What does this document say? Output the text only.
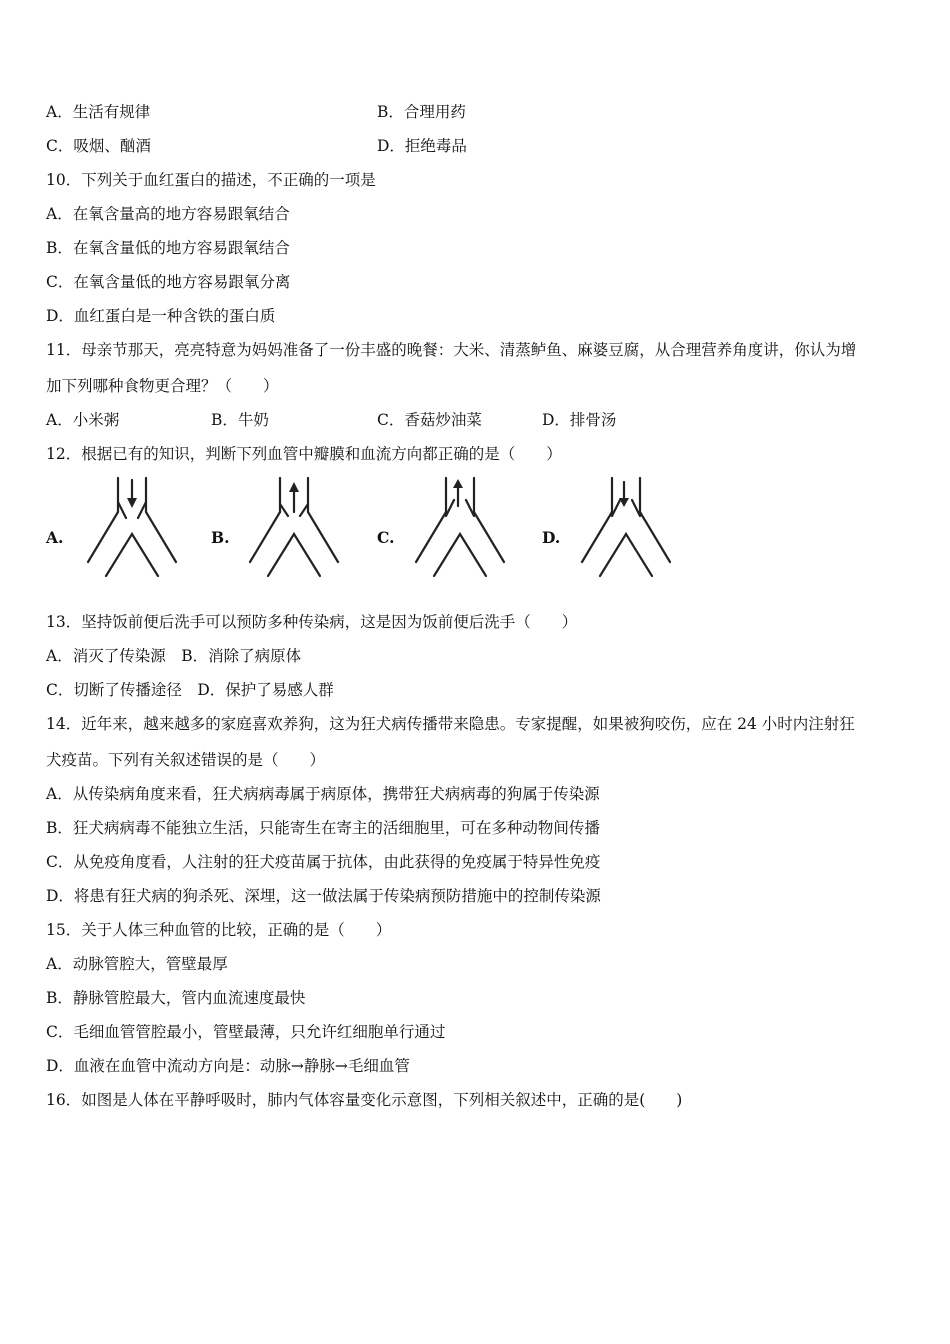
A．生活有规律	B．合理用药
C．吸烟、酗酒	D．拒绝毒品
10．下列关于血红蛋白的描述，不正确的一项是
A．在氧含量高的地方容易跟氧结合
B．在氧含量低的地方容易跟氧结合
C．在氧含量低的地方容易跟氧分离
D．血红蛋白是一种含铁的蛋白质
11．母亲节那天，亮亮特意为妈妈准备了一份丰盛的晚餐：大米、清蒸鲈鱼、麻婆豆腐，从合理营养角度讲，你认为增
加下列哪种食物更合理？（　　）
A．小米粥	B．牛奶	C．香菇炒油菜	D．排骨汤
12．根据已有的知识，判断下列血管中瓣膜和血流方向都正确的是（　　）
A.	B.	C.	D.
13．坚持饭前便后洗手可以预防多种传染病，这是因为饭前便后洗手（　　）
A．消灭了传染源　B．消除了病原体
C．切断了传播途径　D．保护了易感人群
14．近年来，越来越多的家庭喜欢养狗，这为狂犬病传播带来隐患。专家提醒，如果被狗咬伤，应在 24 小时内注射狂
犬疫苗。下列有关叙述错误的是（　　）
A．从传染病角度来看，狂犬病病毒属于病原体，携带狂犬病病毒的狗属于传染源
B．狂犬病病毒不能独立生活，只能寄生在寄主的活细胞里，可在多种动物间传播
C．从免疫角度看，人注射的狂犬疫苗属于抗体，由此获得的免疫属于特异性免疫
D．将患有狂犬病的狗杀死、深埋，这一做法属于传染病预防措施中的控制传染源
15．关于人体三种血管的比较，正确的是（　　）
A．动脉管腔大，管壁最厚
B．静脉管腔最大，管内血流速度最快
C．毛细血管管腔最小，管壁最薄，只允许红细胞单行通过
D．血液在血管中流动方向是：动脉→静脉→毛细血管
16．如图是人体在平静呼吸时，肺内气体容量变化示意图，下列相关叙述中，正确的是(　　)
